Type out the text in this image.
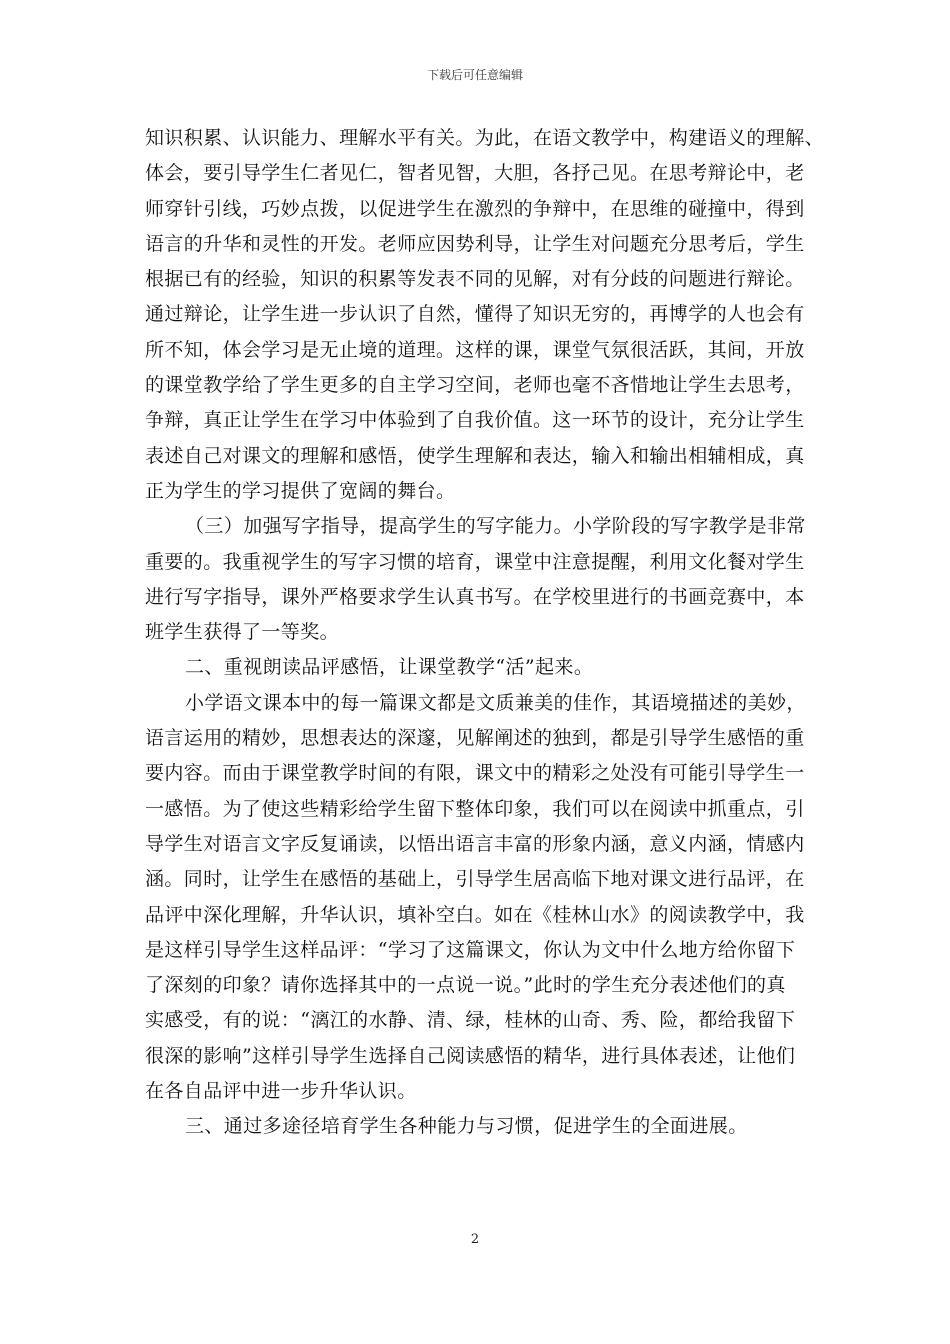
下载后可任意编辑

知识积累、认识能力、理解水平有关。为此，在语文教学中，构建语义的理解、
体会，要引导学生仁者见仁，智者见智，大胆，各抒己见。在思考辩论中，老
师穿针引线，巧妙点拨，以促进学生在激烈的争辩中，在思维的碰撞中，得到
语言的升华和灵性的开发。老师应因势利导，让学生对问题充分思考后，学生
根据已有的经验，知识的积累等发表不同的见解，对有分歧的问题进行辩论。
通过辩论，让学生进一步认识了自然，懂得了知识无穷的，再博学的人也会有
所不知，体会学习是无止境的道理。这样的课，课堂气氛很活跃，其间，开放
的课堂教学给了学生更多的自主学习空间，老师也毫不吝惜地让学生去思考，
争辩，真正让学生在学习中体验到了自我价值。这一环节的设计，充分让学生
表述自己对课文的理解和感悟，使学生理解和表达，输入和输出相辅相成，真
正为学生的学习提供了宽阔的舞台。

（三）加强写字指导，提高学生的写字能力。小学阶段的写字教学是非常
重要的。我重视学生的写字习惯的培育，课堂中注意提醒，利用文化餐对学生
进行写字指导，课外严格要求学生认真书写。在学校里进行的书画竞赛中，本
班学生获得了一等奖。

二、重视朗读品评感悟，让课堂教学“活”起来。

小学语文课本中的每一篇课文都是文质兼美的佳作，其语境描述的美妙，
语言运用的精妙，思想表达的深邃，见解阐述的独到，都是引导学生感悟的重
要内容。而由于课堂教学时间的有限，课文中的精彩之处没有可能引导学生一
一感悟。为了使这些精彩给学生留下整体印象，我们可以在阅读中抓重点，引
导学生对语言文字反复诵读，以悟出语言丰富的形象内涵，意义内涵，情感内
涵。同时，让学生在感悟的基础上，引导学生居高临下地对课文进行品评，在
品评中深化理解，升华认识，填补空白。如在《桂林山水》的阅读教学中，我
是这样引导学生这样品评：“学习了这篇课文，你认为文中什么地方给你留下
了深刻的印象？请你选择其中的一点说一说。”此时的学生充分表述他们的真
实感受，有的说：“漓江的水静、清、绿，桂林的山奇、秀、险，都给我留下
很深的影响”这样引导学生选择自己阅读感悟的精华，进行具体表述，让他们
在各自品评中进一步升华认识。

三、通过多途径培育学生各种能力与习惯，促进学生的全面进展。

2
